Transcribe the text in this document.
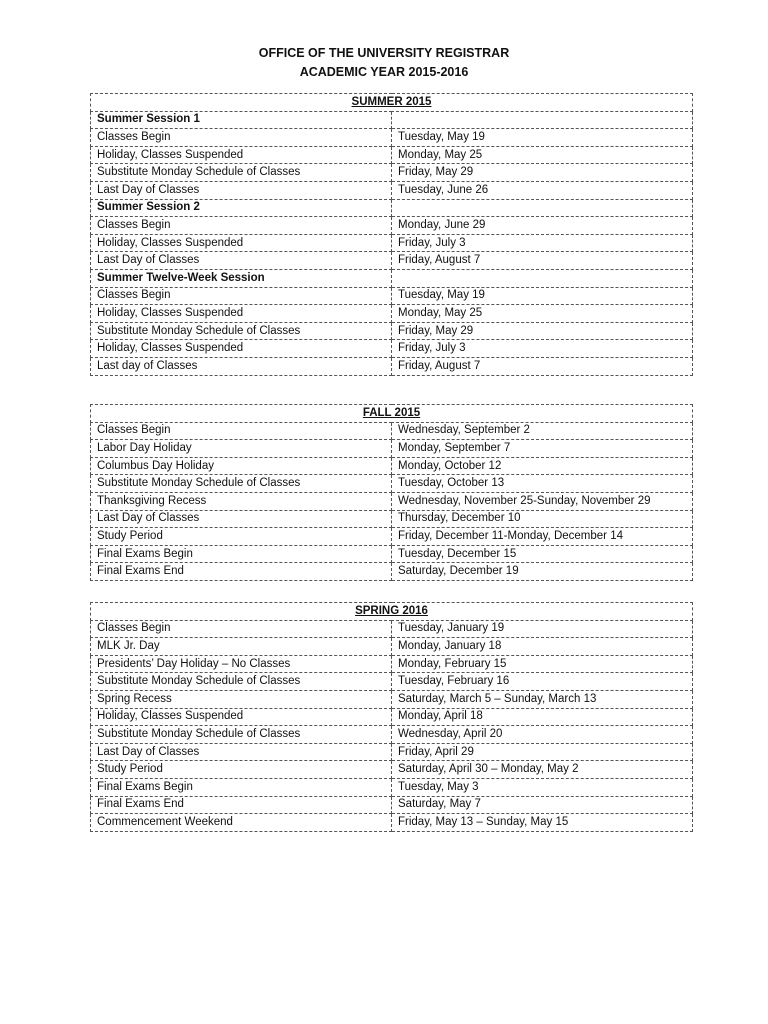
OFFICE OF THE UNIVERSITY REGISTRAR
ACADEMIC YEAR 2015-2016
SUMMER 2015	
Summer Session 1	
Classes Begin	Tuesday, May 19
Holiday, Classes Suspended	Monday, May 25
Substitute Monday Schedule of Classes	Friday, May 29
Last Day of Classes	Tuesday, June 26
Summer Session 2	
Classes Begin	Monday, June 29
Holiday, Classes Suspended	Friday, July 3
Last Day of Classes	Friday, August 7
Summer Twelve-Week Session	
Classes Begin	Tuesday, May 19
Holiday, Classes Suspended	Monday, May 25
Substitute Monday Schedule of Classes	Friday, May 29
Holiday, Classes Suspended	Friday, July 3
Last day of Classes	Friday, August 7
FALL 2015	
Classes Begin	Wednesday, September 2
Labor Day Holiday	Monday, September 7
Columbus Day Holiday	Monday, October 12
Substitute Monday Schedule of Classes	Tuesday, October 13
Thanksgiving Recess	Wednesday, November 25-Sunday, November 29
Last Day of Classes	Thursday, December 10
Study Period	Friday, December 11-Monday, December 14
Final Exams Begin	Tuesday, December 15
Final Exams End	Saturday, December 19
SPRING 2016	
Classes Begin	Tuesday, January 19
MLK Jr. Day	Monday, January 18
Presidents’ Day Holiday – No Classes	Monday, February 15
Substitute Monday Schedule of Classes	Tuesday, February 16
Spring Recess	Saturday, March 5 – Sunday, March 13
Holiday, Classes Suspended	Monday, April 18
Substitute Monday Schedule of Classes	Wednesday, April 20
Last Day of Classes	Friday, April 29
Study Period	Saturday, April 30 – Monday, May 2
Final Exams Begin	Tuesday, May 3
Final Exams End	Saturday, May 7
Commencement Weekend	Friday, May 13 – Sunday, May 15
